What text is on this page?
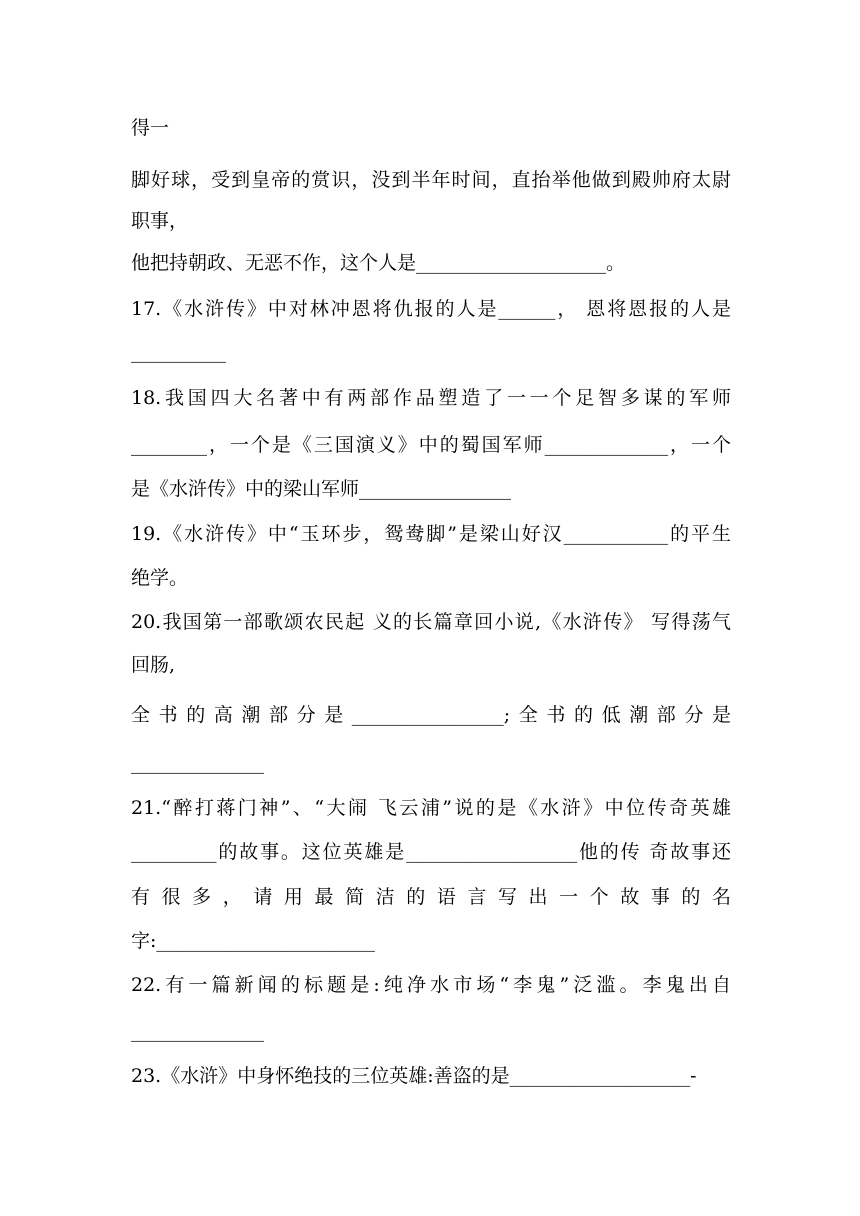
得一

脚好球，受到皇帝的赏识，没到半年时间，直抬举他做到殿帅府太尉

职事，

他把持朝政、无恶不作，这个人是____________________。

17.《水浒传》中对林冲恩将仇报的人是______， 恩将恩报的人是

__________

18.我国四大名著中有两部作品塑造了一一个足智多谋的军师

________，一个是《三国演义》中的蜀国军师_____________，一个

是《水浒传》中的梁山军师________________

19.《水浒传》中“玉环步，鸳鸯脚”是梁山好汉___________的平生

绝学。

20.我国第一部歌颂农民起 义的长篇章回小说,《水浒传》 写得荡气

回肠,

全书的高潮部分是________________;全书的低潮部分是

______________

21.“醉打蒋门神”、“大闹 飞云浦”说的是《水浒》中位传奇英雄

_________的故事。这位英雄是__________________他的传 奇故事还

有很多，请用最简洁的语言写出一个故事的名

字:_______________________

22.有一篇新闻的标题是:纯净水市场“李鬼”泛滥。李鬼出自

______________

23.《水浒》中身怀绝技的三位英雄:善盗的是___________________-
